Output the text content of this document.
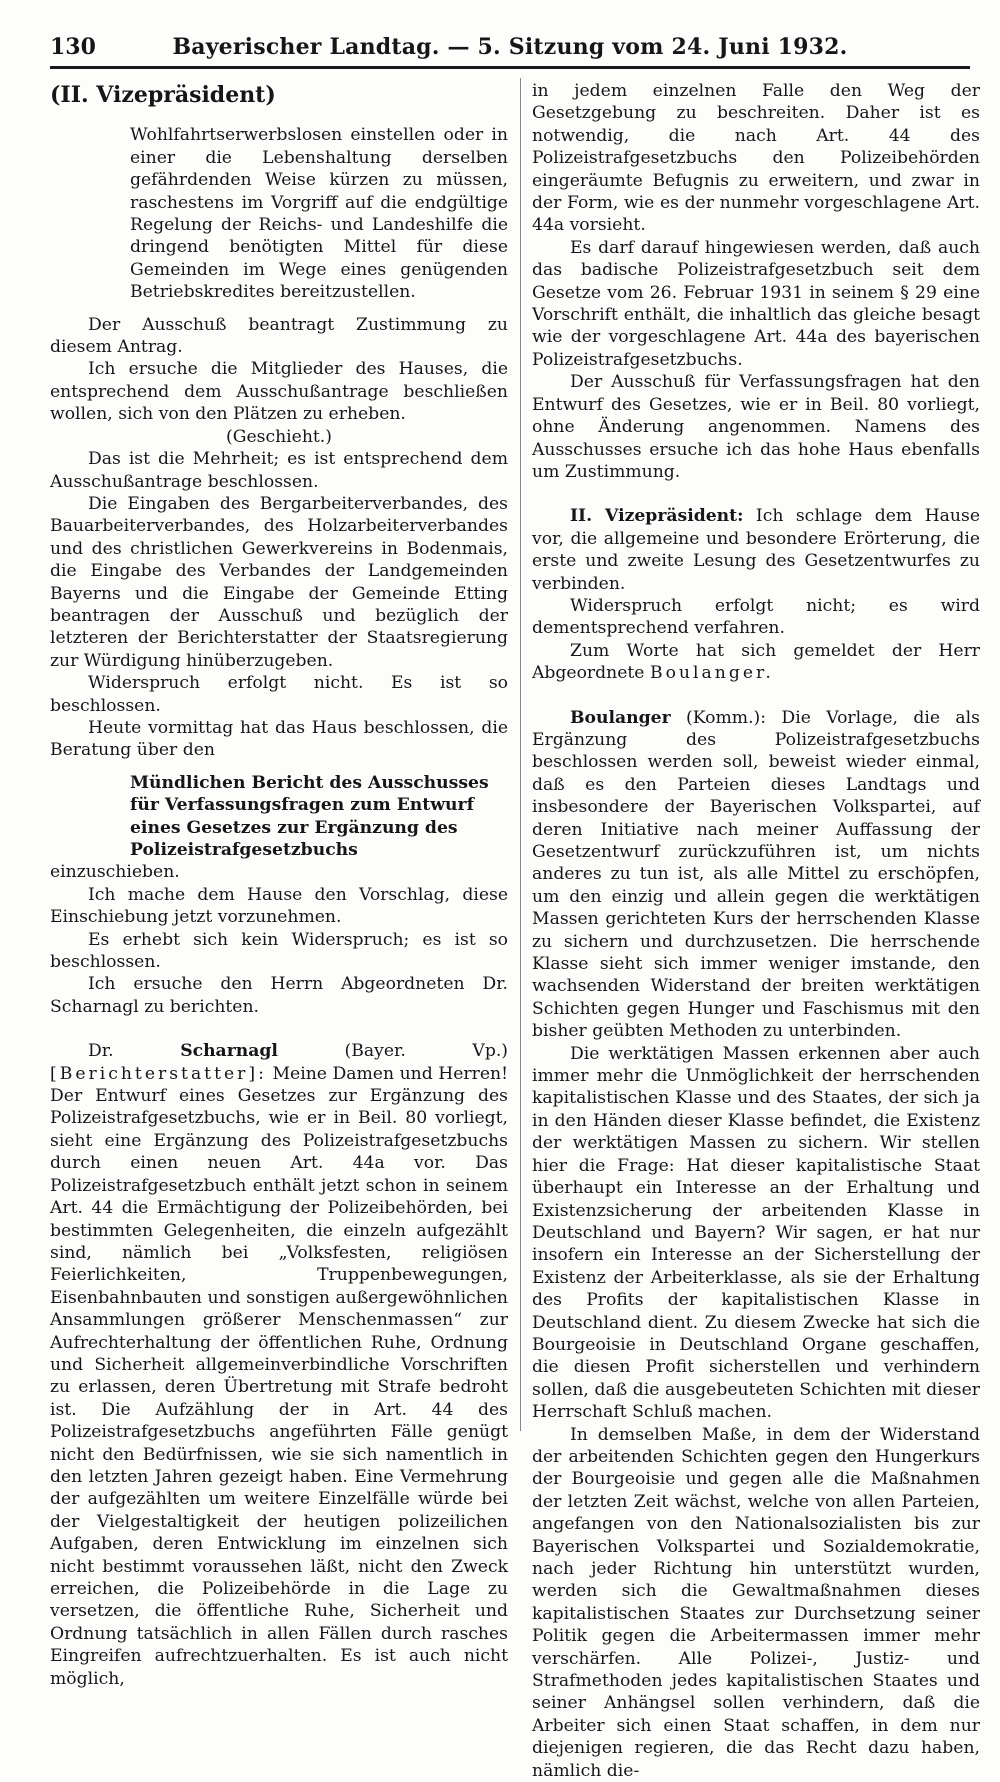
130	Bayerischer Landtag. — 5. Sitzung vom 24. Juni 1932.

(II. Vizepräsident)

Wohlfahrtserwerbslosen einstellen oder in einer die Lebenshaltung derselben gefährdenden Weise kürzen zu müssen, raschestens im Vorgriff auf die endgültige Regelung der Reichs- und Landeshilfe die dringend benötigten Mittel für diese Gemeinden im Wege eines genügenden Betriebskredites bereitzustellen.

Der Ausschuß beantragt Zustimmung zu diesem Antrag.

Ich ersuche die Mitglieder des Hauses, die entsprechend dem Ausschußantrage beschließen wollen, sich von den Plätzen zu erheben.

(Geschieht.)

Das ist die Mehrheit; es ist entsprechend dem Ausschußantrage beschlossen.

Die Eingaben des Bergarbeiterverbandes, des Bauarbeiterverbandes, des Holzarbeiterverbandes und des christlichen Gewerkvereins in Bodenmais, die Eingabe des Verbandes der Landgemeinden Bayerns und die Eingabe der Gemeinde Etting beantragen der Ausschuß und bezüglich der letzteren der Berichterstatter der Staatsregierung zur Würdigung hinüberzugeben.

Widerspruch erfolgt nicht. Es ist so beschlossen.

Heute vormittag hat das Haus beschlossen, die Beratung über den

Mündlichen Bericht des Ausschusses für Verfassungsfragen zum Entwurf eines Gesetzes zur Ergänzung des Polizeistrafgesetzbuchs

einzuschieben.

Ich mache dem Hause den Vorschlag, diese Einschiebung jetzt vorzunehmen.

Es erhebt sich kein Widerspruch; es ist so beschlossen.

Ich ersuche den Herrn Abgeordneten Dr. Scharnagl zu berichten.

Dr.	Scharnagl	(Bayer. Vp.) [Berichterstatter]: Meine Damen und Herren! Der Entwurf eines Gesetzes zur Ergänzung des Polizeistrafgesetzbuchs, wie er in Beil. 80 vorliegt, sieht eine Ergänzung des Polizeistrafgesetzbuchs durch einen neuen Art. 44a vor. Das Polizeistrafgesetzbuch enthält jetzt schon in seinem Art. 44 die Ermächtigung der Polizeibehörden, bei bestimmten Gelegenheiten, die einzeln aufgezählt sind, nämlich bei „Volksfesten, religiösen Feierlichkeiten, Truppenbewegungen, Eisenbahnbauten und sonstigen außergewöhnlichen Ansammlungen größerer Menschenmassen“ zur Aufrechterhaltung der öffentlichen Ruhe, Ordnung und Sicherheit allgemeinverbindliche Vorschriften zu erlassen, deren Übertretung mit Strafe bedroht ist. Die Aufzählung der in Art. 44 des Polizeistrafgesetzbuchs angeführten Fälle genügt nicht den Bedürfnissen, wie sie sich namentlich in den letzten Jahren gezeigt haben. Eine Vermehrung der aufgezählten um weitere Einzelfälle würde bei der Vielgestaltigkeit der heutigen polizeilichen Aufgaben, deren Entwicklung im einzelnen sich nicht bestimmt voraussehen läßt, nicht den Zweck erreichen, die Polizeibehörde in die Lage zu versetzen, die öffentliche Ruhe, Sicherheit und Ordnung tatsächlich in allen Fällen durch rasches Eingreifen aufrechtzuerhalten. Es ist auch nicht möglich,

in jedem einzelnen Falle den Weg der Gesetzgebung zu beschreiten. Daher ist es notwendig, die nach Art. 44 des Polizeistrafgesetzbuchs den Polizeibehörden eingeräumte Befugnis zu erweitern, und zwar in der Form, wie es der nunmehr vorgeschlagene Art. 44a vorsieht.

Es darf darauf hingewiesen werden, daß auch das badische Polizeistrafgesetzbuch seit dem Gesetze vom 26. Februar 1931 in seinem § 29 eine Vorschrift enthält, die inhaltlich das gleiche besagt wie der vorgeschlagene Art. 44a des bayerischen Polizeistrafgesetzbuchs.

Der Ausschuß für Verfassungsfragen hat den Entwurf des Gesetzes, wie er in Beil. 80 vorliegt, ohne Änderung angenommen. Namens des Ausschusses ersuche ich das hohe Haus ebenfalls um Zustimmung.

II. Vizepräsident: Ich schlage dem Hause vor, die allgemeine und besondere Erörterung, die erste und zweite Lesung des Gesetzentwurfes zu verbinden.

Widerspruch erfolgt nicht; es wird dementsprechend verfahren.

Zum Worte hat sich gemeldet der Herr Abgeordnete Boulanger.

Boulanger (Komm.): Die Vorlage, die als Ergänzung des Polizeistrafgesetzbuchs beschlossen werden soll, beweist wieder einmal, daß es den Parteien dieses Landtags und insbesondere der Bayerischen Volkspartei, auf deren Initiative nach meiner Auffassung der Gesetzentwurf zurückzuführen ist, um nichts anderes zu tun ist, als alle Mittel zu erschöpfen, um den einzig und allein gegen die werktätigen Massen gerichteten Kurs der herrschenden Klasse zu sichern und durchzusetzen. Die herrschende Klasse sieht sich immer weniger imstande, den wachsenden Widerstand der breiten werktätigen Schichten gegen Hunger und Faschismus mit den bisher geübten Methoden zu unterbinden.

Die werktätigen Massen erkennen aber auch immer mehr die Unmöglichkeit der herrschenden kapitalistischen Klasse und des Staates, der sich ja in den Händen dieser Klasse befindet, die Existenz der werktätigen Massen zu sichern. Wir stellen hier die Frage: Hat dieser kapitalistische Staat überhaupt ein Interesse an der Erhaltung und Existenzsicherung der arbeitenden Klasse in Deutschland und Bayern? Wir sagen, er hat nur insofern ein Interesse an der Sicherstellung der Existenz der Arbeiterklasse, als sie der Erhaltung des Profits der kapitalistischen Klasse in Deutschland dient. Zu diesem Zwecke hat sich die Bourgeoisie in Deutschland Organe geschaffen, die diesen Profit sicherstellen und verhindern sollen, daß die ausgebeuteten Schichten mit dieser Herrschaft Schluß machen.

In demselben Maße, in dem der Widerstand der arbeitenden Schichten gegen den Hungerkurs der Bourgeoisie und gegen alle die Maßnahmen der letzten Zeit wächst, welche von allen Parteien, angefangen von den Nationalsozialisten bis zur Bayerischen Volkspartei und Sozialdemokratie, nach jeder Richtung hin unterstützt wurden, werden sich die Gewaltmaßnahmen dieses kapitalistischen Staates zur Durchsetzung seiner Politik gegen die Arbeitermassen immer mehr verschärfen. Alle Polizei-, Justiz- und Strafmethoden jedes kapitalistischen Staates und seiner Anhängsel sollen verhindern, daß die Arbeiter sich einen Staat schaffen, in dem nur diejenigen regieren, die das Recht dazu haben, nämlich die-
